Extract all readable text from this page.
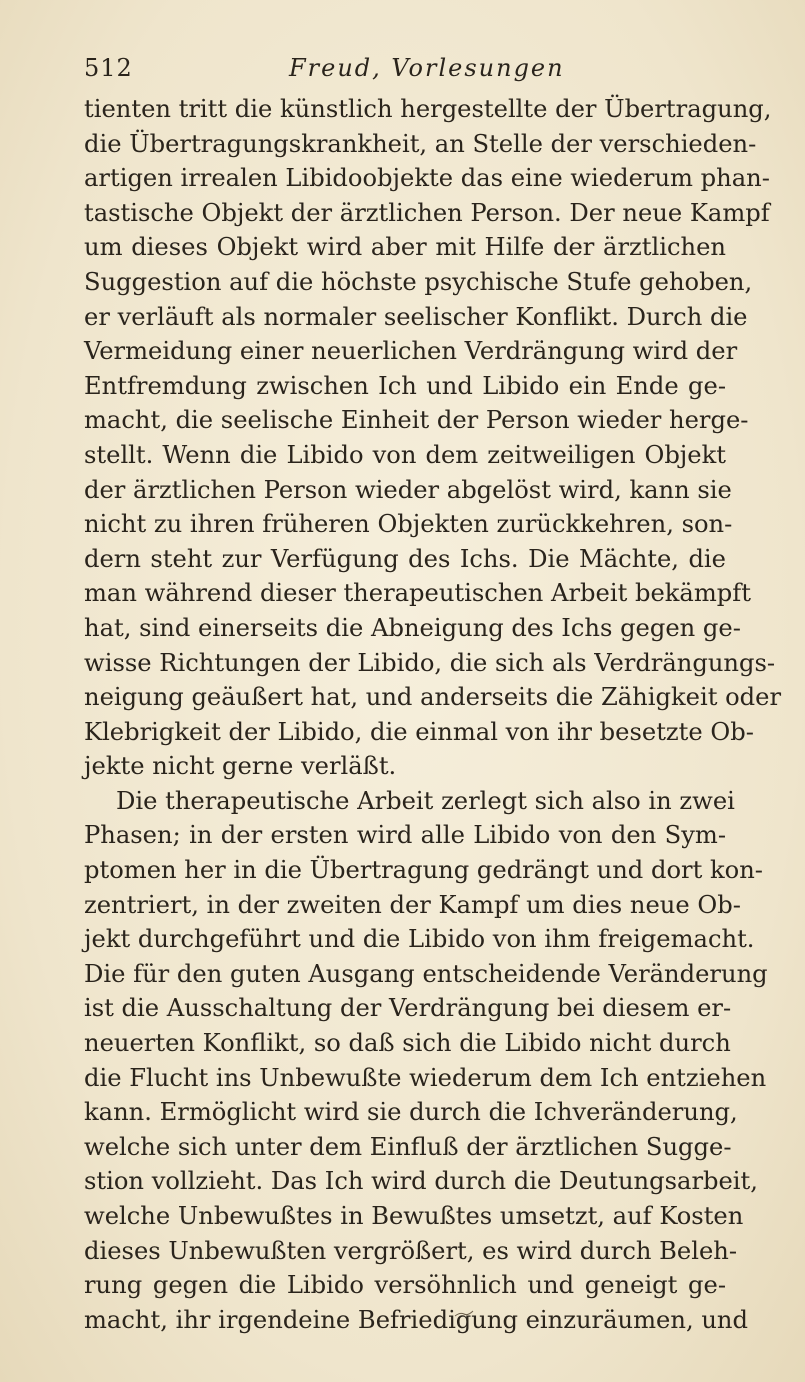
512	Freud, Vorlesungen
tienten tritt die künstlich hergestellte der Übertragung,
die Übertragungskrankheit, an Stelle der verschieden-
artigen irrealen Libidoobjekte das eine wiederum phan-
tastische Objekt der ärztlichen Person. Der neue Kampf
um dieses Objekt wird aber mit Hilfe der ärztlichen
Suggestion auf die höchste psychische Stufe gehoben,
er verläuft als normaler seelischer Konflikt. Durch die
Vermeidung einer neuerlichen Verdrängung wird der
Entfremdung zwischen Ich und Libido ein Ende ge-
macht, die seelische Einheit der Person wieder herge-
stellt. Wenn die Libido von dem zeitweiligen Objekt
der ärztlichen Person wieder abgelöst wird, kann sie
nicht zu ihren früheren Objekten zurückkehren, son-
dern steht zur Verfügung des Ichs. Die Mächte, die
man während dieser therapeutischen Arbeit bekämpft
hat, sind einerseits die Abneigung des Ichs gegen ge-
wisse Richtungen der Libido, die sich als Verdrängungs-
neigung geäußert hat, und anderseits die Zähigkeit oder
Klebrigkeit der Libido, die einmal von ihr besetzte Ob-
jekte nicht gerne verläßt.
Die therapeutische Arbeit zerlegt sich also in zwei
Phasen; in der ersten wird alle Libido von den Sym-
ptomen her in die Übertragung gedrängt und dort kon-
zentriert, in der zweiten der Kampf um dies neue Ob-
jekt durchgeführt und die Libido von ihm freigemacht.
Die für den guten Ausgang entscheidende Veränderung
ist die Ausschaltung der Verdrängung bei diesem er-
neuerten Konflikt, so daß sich die Libido nicht durch
die Flucht ins Unbewußte wiederum dem Ich entziehen
kann. Ermöglicht wird sie durch die Ichveränderung,
welche sich unter dem Einfluß der ärztlichen Sugge-
stion vollzieht. Das Ich wird durch die Deutungsarbeit,
welche Unbewußtes in Bewußtes umsetzt, auf Kosten
dieses Unbewußten vergrößert, es wird durch Beleh-
rung gegen die Libido versöhnlich und geneigt ge-
macht, ihr irgendeine Befriedigung einzuräumen, und
